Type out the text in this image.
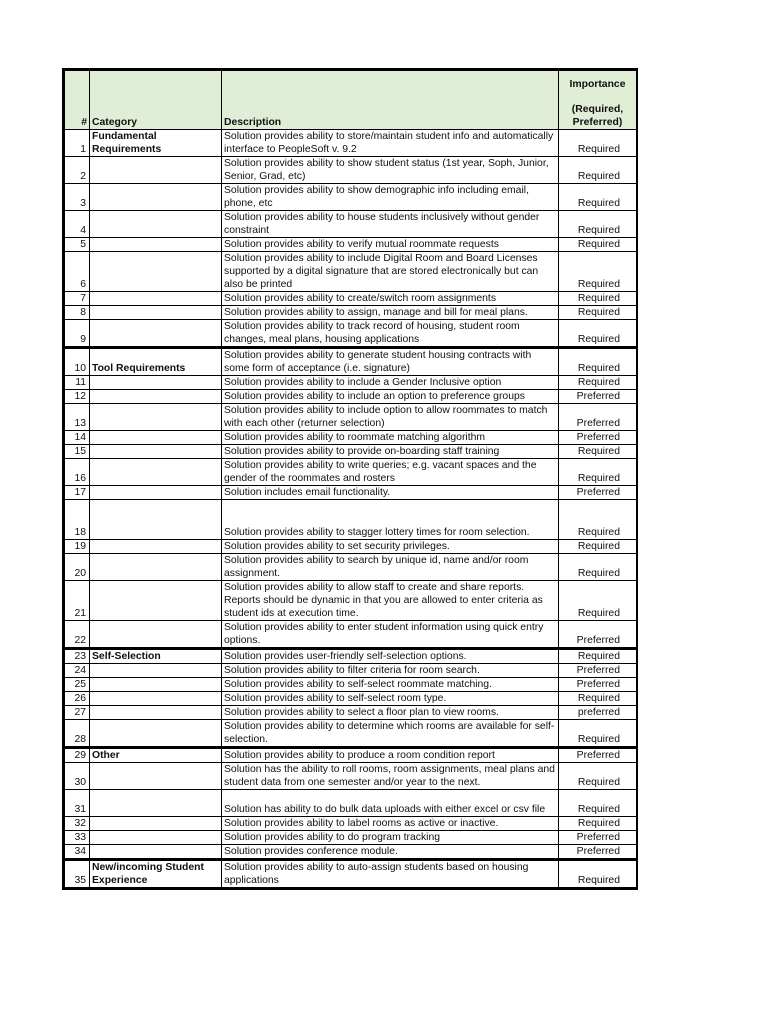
#	Category	Description	Importance
(Required, Preferred)
1	Fundamental Requirements	Solution provides ability to store/maintain student info and automatically interface to PeopleSoft v. 9.2	Required
2		Solution provides ability to show student status (1st year, Soph, Junior, Senior, Grad, etc)	Required
3		Solution provides ability to show demographic info including email, phone, etc	Required
4		Solution provides ability to house students inclusively without gender constraint	Required
5		Solution provides ability to verify mutual roommate requests	Required
6		Solution provides ability to include Digital Room and Board Licenses supported by a digital signature that are stored electronically but can also be printed	Required
7		Solution provides ability to create/switch room assignments	Required
8		Solution provides ability to assign, manage and bill for meal plans.	Required
9		Solution provides ability to track record of housing, student room changes, meal plans, housing applications	Required
10	Tool Requirements	Solution provides ability to generate student housing contracts with some form of acceptance (i.e. signature)	Required
11		Solution provides ability to include a Gender Inclusive option	Required
12		Solution provides ability to include an option to preference groups	Preferred
13		Solution provides ability to include option to allow roommates to match with each other (returner selection)	Preferred
14		Solution provides ability to roommate matching algorithm	Preferred
15		Solution provides ability to provide on-boarding staff training	Required
16		Solution provides ability to write queries; e.g. vacant spaces and the gender of the roommates and rosters	Required
17		Solution includes email functionality.	Preferred
18		Solution provides ability to stagger lottery times for room selection.	Required
19		Solution provides ability to set security privileges.	Required
20		Solution provides ability to search by unique id, name and/or room assignment.	Required
21		Solution provides ability to allow staff to create and share reports. Reports should be dynamic in that you are allowed to enter criteria as student ids at execution time.	Required
22		Solution provides ability to enter student information using quick entry options.	Preferred
23	Self-Selection	Solution provides user-friendly self-selection options.	Required
24		Solution provides ability to filter criteria for room search.	Preferred
25		Solution provides ability to self-select roommate matching.	Preferred
26		Solution provides ability to self-select room type.	Required
27		Solution provides ability to select a floor plan to view rooms.	preferred
28		Solution provides ability to determine which rooms are available for self-selection.	Required
29	Other	Solution provides ability to produce a room condition report	Preferred
30		Solution has the ability to roll rooms, room assignments, meal plans and student data from one semester and/or year to the next.	Required
31		Solution has ability to do bulk data uploads with either excel or csv file	Required
32		Solution provides ability to label rooms as active or inactive.	Required
33		Solution provides ability to do program tracking	Preferred
34		Solution provides conference module.	Preferred
35	New/incoming Student Experience	Solution provides ability to auto-assign students based on housing applications	Required
